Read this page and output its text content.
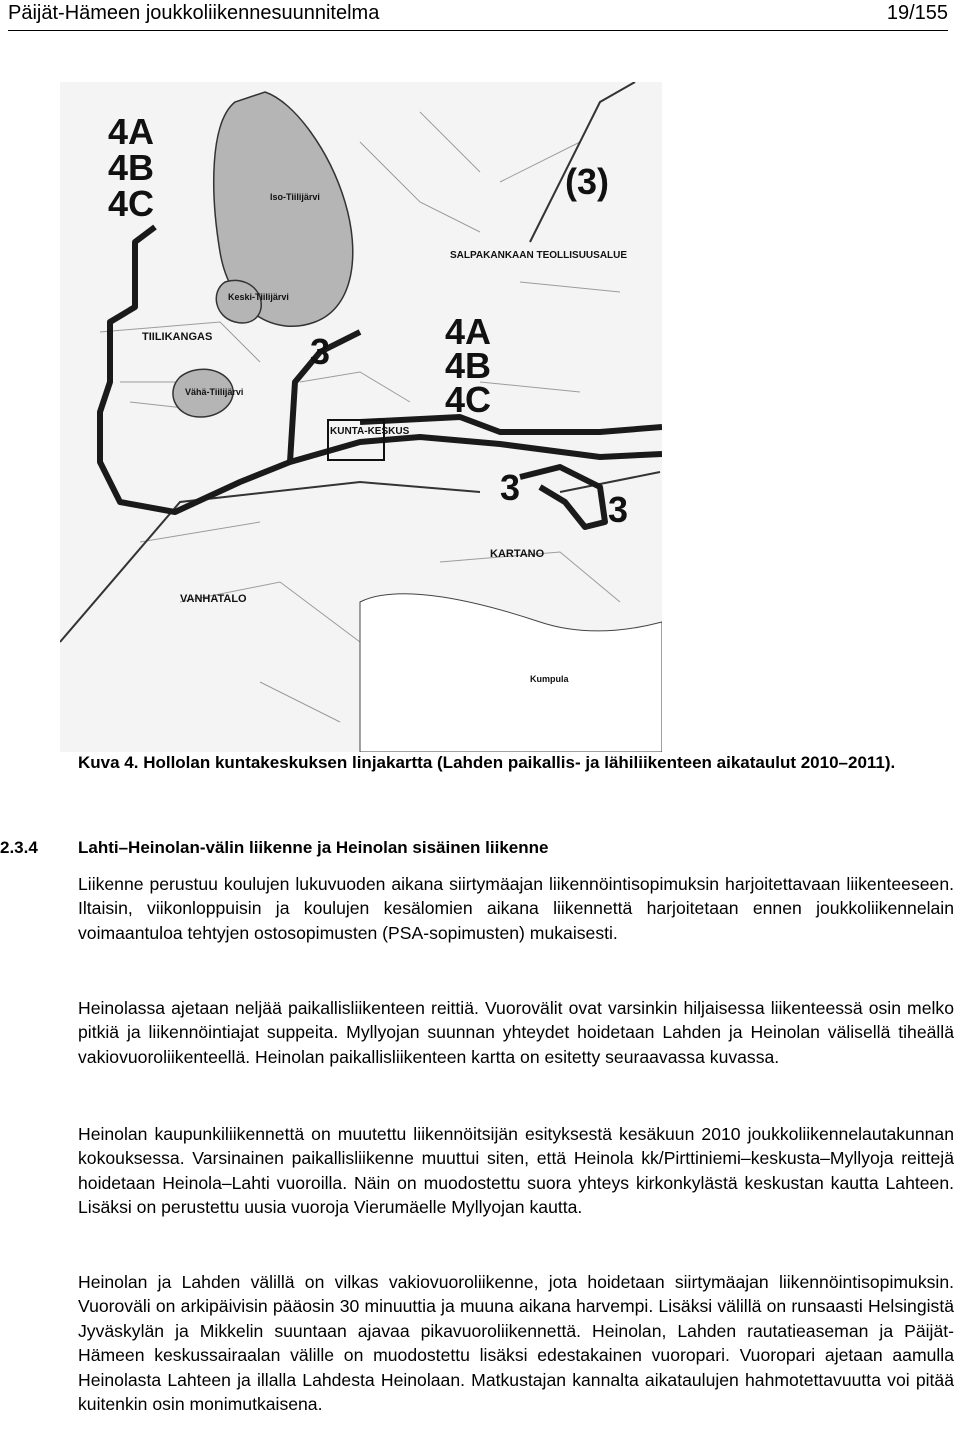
Päijät-Hämeen joukkoliikennesuunnitelma	19/155
4A
4B
4C
4A
4B
4C
3
3
3
(3)
Iso-Tiilijärvi
Keski-Tiilijärvi
Vähä-Tiilijärvi
TIILIKANGAS
SALPAKANKAAN TEOLLISUUSALUE
KUNTA-KESKUS
KARTANO
VANHATALO
Kumpula
Kuva 4. Hollolan kuntakeskuksen linjakartta (Lahden paikallis- ja lähiliikenteen aikataulut 2010–2011).
2.3.4 Lahti–Heinolan-välin liikenne ja Heinolan sisäinen liikenne

Liikenne perustuu koulujen lukuvuoden aikana siirtymäajan liikennöintisopimuksin harjoitettavaan liikenteeseen. Iltaisin, viikonloppuisin ja koulujen kesälomien aikana liikennettä harjoitetaan ennen joukkoliikennelain voimaantuloa tehtyjen ostosopimusten (PSA-sopimusten) mukaisesti.

Heinolassa ajetaan neljää paikallisliikenteen reittiä. Vuorovälit ovat varsinkin hiljaisessa liikenteessä osin melko pitkiä ja liikennöintiajat suppeita. Myllyojan suunnan yhteydet hoidetaan Lahden ja Heinolan välisellä tiheällä vakiovuoroliikenteellä. Heinolan paikallisliikenteen kartta on esitetty seuraavassa kuvassa.

Heinolan kaupunkiliikennettä on muutettu liikennöitsijän esityksestä kesäkuun 2010 joukkoliikennelautakunnan kokouksessa. Varsinainen paikallisliikenne muuttui siten, että Heinola kk/Pirttiniemi–keskusta–Myllyoja reittejä hoidetaan Heinola–Lahti vuoroilla. Näin on muodostettu suora yhteys kirkonkylästä keskustan kautta Lahteen. Lisäksi on perustettu uusia vuoroja Vierumäelle Myllyojan kautta.

Heinolan ja Lahden välillä on vilkas vakiovuoroliikenne, jota hoidetaan siirtymäajan liikennöintisopimuksin. Vuoroväli on arkipäivisin pääosin 30 minuuttia ja muuna aikana harvempi. Lisäksi välillä on runsaasti Helsingistä Jyväskylän ja Mikkelin suuntaan ajavaa pikavuoroliikennettä. Heinolan, Lahden rautatieaseman ja Päijät-Hämeen keskussairaalan välille on muodostettu lisäksi edestakainen vuoropari. Vuoropari ajetaan aamulla Heinolasta Lahteen ja illalla Lahdesta Heinolaan. Matkustajan kannalta aikataulujen hahmotettavuutta voi pitää kuitenkin osin monimutkaisena.
